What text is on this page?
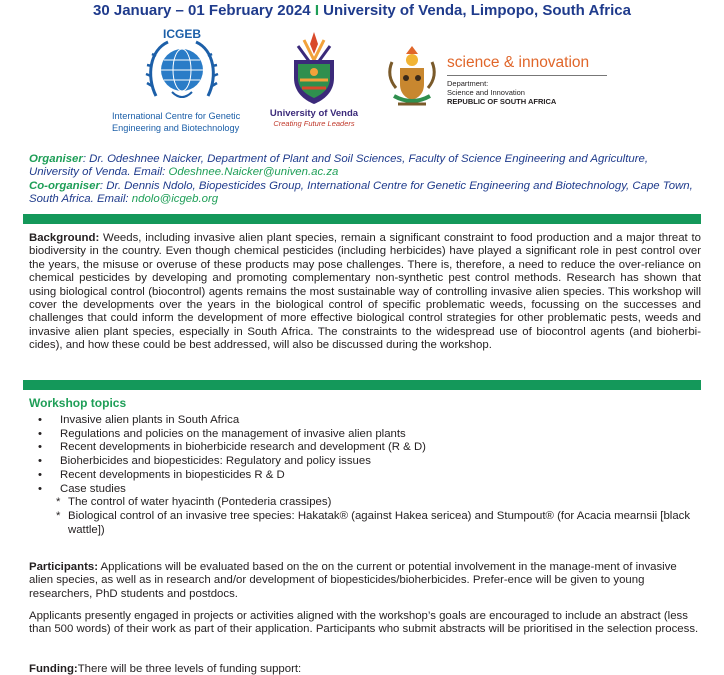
30 January – 01 February 2024 I University of Venda, Limpopo, South Africa
ICGEB
International Centre for Genetic
Engineering and Biotechnology
University of Venda
Creating Future Leaders
science & innovation
Department:
Science and Innovation
REPUBLIC OF SOUTH AFRICA
Organiser: Dr. Odeshnee Naicker, Department of Plant and Soil Sciences, Faculty of Science Engineering and Agriculture, University of Venda. Email: Odeshnee.Naicker@univen.ac.za
Co-organiser: Dr. Dennis Ndolo, Biopesticides Group, International Centre for Genetic Engineering and Biotechnology, Cape Town, South Africa. Email: ndolo@icgeb.org
Background: Weeds, including invasive alien plant species, remain a significant constraint to food production and a major threat to biodiversity in the country. Even though chemical pesticides (including herbicides) have played a significant role in pest control over the years, the misuse or overuse of these products may pose challenges. There is, therefore, a need to reduce the over-reliance on chemical pesticides by developing and promoting complementary non-synthetic pest control methods. Research has shown that using biological control (biocontrol) agents remains the most sustainable way of controlling invasive alien species. This workshop will cover the developments over the years in the biological control of specific problematic weeds, focussing on the successes and challenges that could inform the development of more effective biological control strategies for other problematic pests, weeds and invasive alien plant species, especially in South Africa. The constraints to the widespread use of biocontrol agents (and bioherbi-cides), and how these could be best addressed, will also be discussed during the workshop.
Workshop topics
• Invasive alien plants in South Africa
• Regulations and policies on the management of invasive alien plants
• Recent developments in bioherbicide research and development (R & D)
• Bioherbicides and biopesticides: Regulatory and policy issues
• Recent developments in biopesticides R & D
• Case studies
* The control of water hyacinth (Pontederia crassipes)
* Biological control of an invasive tree species: Hakatak® (against Hakea sericea) and Stumpout® (for Acacia mearnsii [black wattle])
Participants: Applications will be evaluated based on the on the current or potential involvement in the manage-ment of invasive alien species, as well as in research and/or development of biopesticides/bioherbicides. Prefer-ence will be given to young researchers, PhD students and postdocs.
Applicants presently engaged in projects or activities aligned with the workshop’s goals are encouraged to include an abstract (less than 500 words) of their work as part of their application. Participants who submit abstracts will be prioritised in the selection process.
Funding:There will be three levels of funding support:
